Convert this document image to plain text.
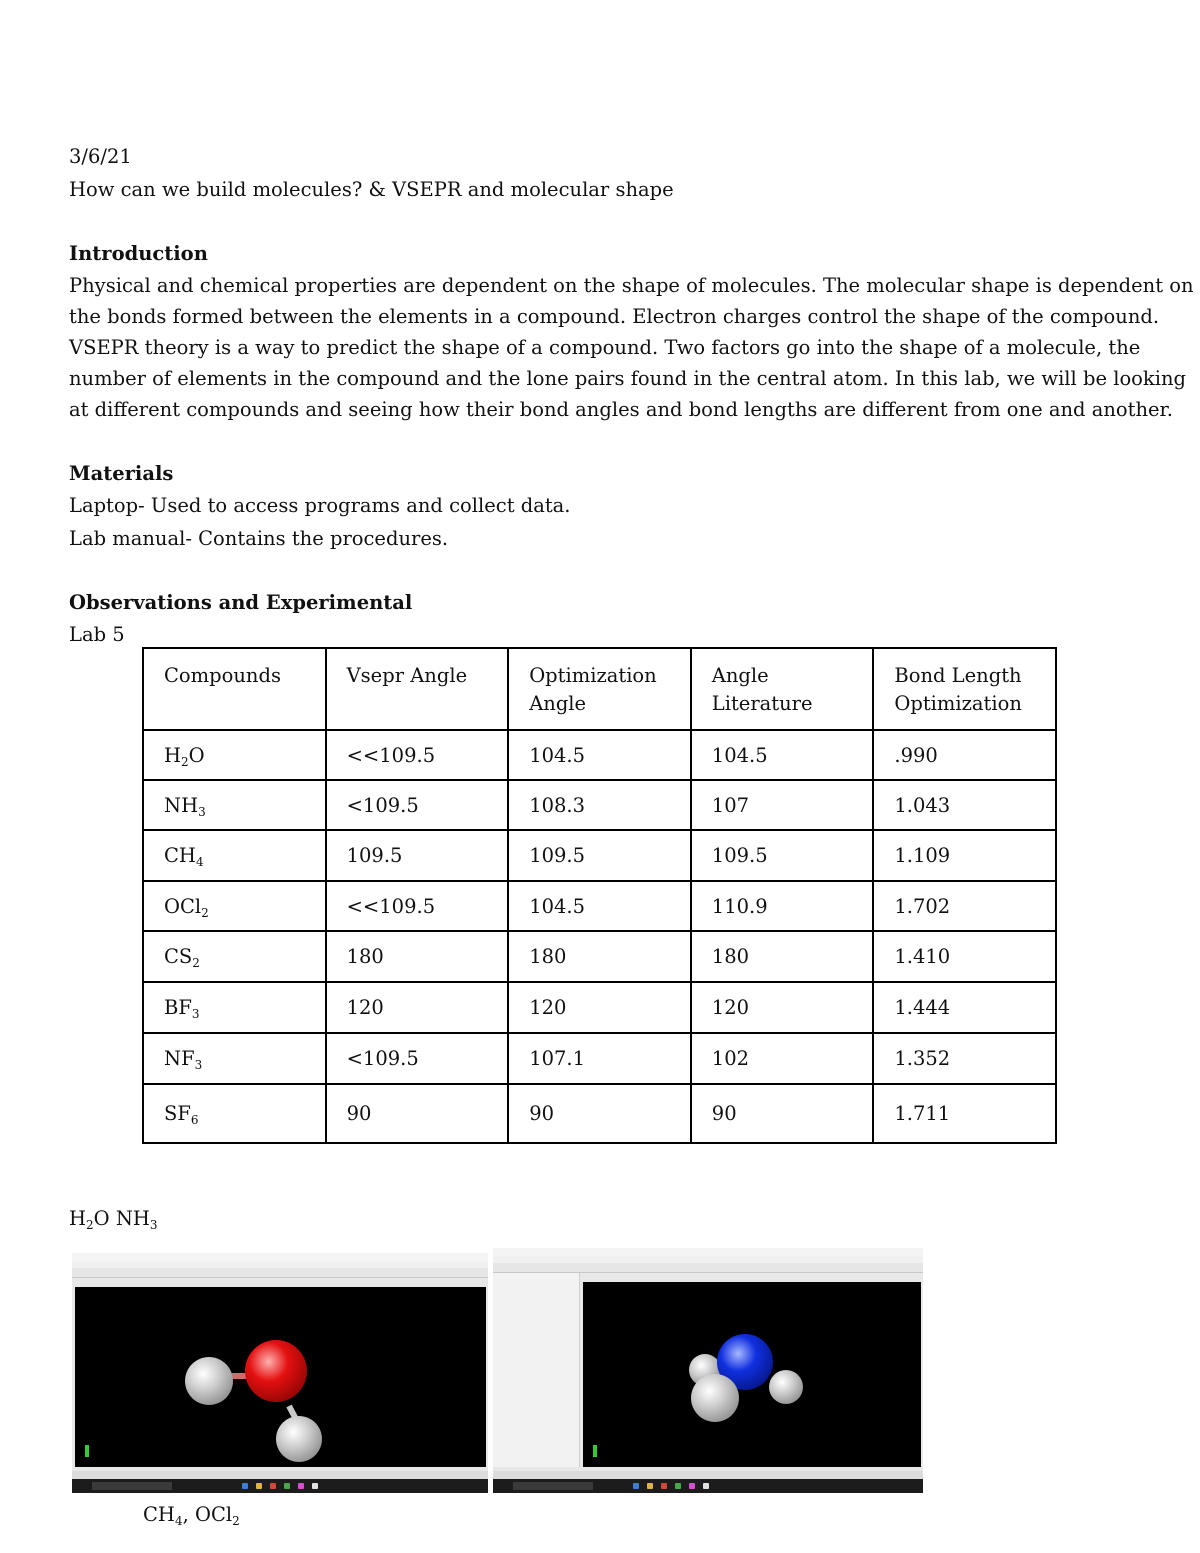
3/6/21
How can we build molecules? & VSEPR and molecular shape
Introduction
Physical and chemical properties are dependent on the shape of molecules. The molecular shape is dependent on
the bonds formed between the elements in a compound. Electron charges control the shape of the compound.
VSEPR theory is a way to predict the shape of a compound. Two factors go into the shape of a molecule, the
number of elements in the compound and the lone pairs found in the central atom. In this lab, we will be looking
at different compounds and seeing how their bond angles and bond lengths are different from one and another.
Materials
Laptop- Used to access programs and collect data.
Lab manual- Contains the procedures.
Observations and Experimental
Lab 5
Compounds	Vsepr Angle	Optimization Angle	Angle Literature	Bond Length Optimization
$H_2O$	<<109.5	104.5	104.5	.990
$NH_3$	<109.5	108.3	107	1.043
$CH_4$	109.5	109.5	109.5	1.109
OCl$_2$	<<109.5	104.5	110.9	1.702
$CS_2$	180	180	180	1.410
$BF_3$	120	120	120	1.444
$NF_3$	<109.5	107.1	102	1.352
$SF_6$	90	90	90	1.711
$H_2O$ $NH_3$
$CH_4$, OCl$_2$
